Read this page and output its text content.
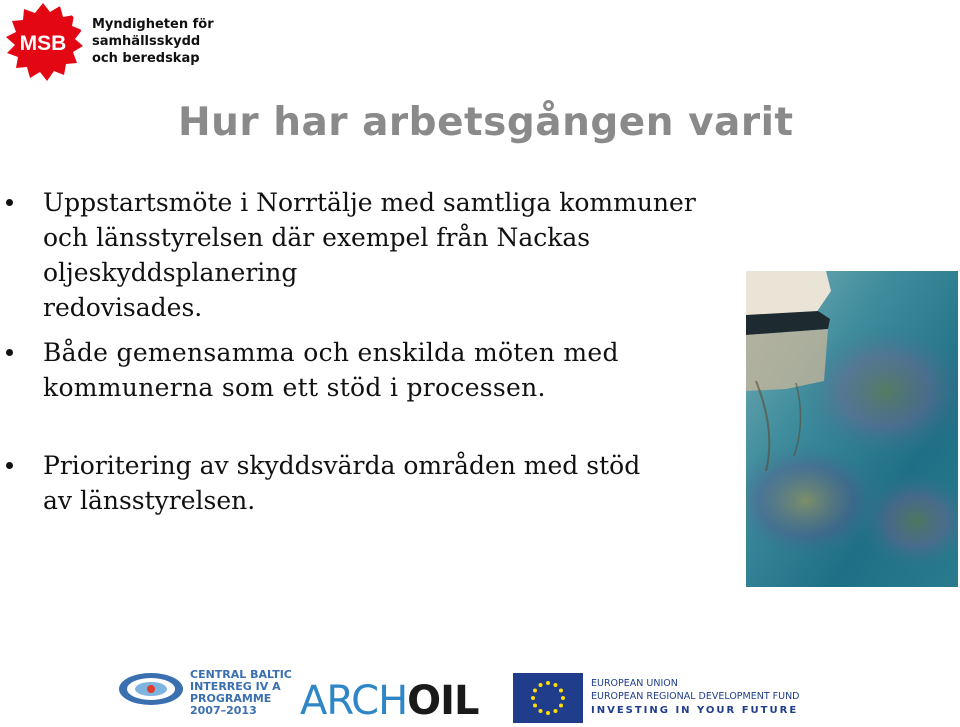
MSB
Myndigheten för
samhällsskydd
och beredskap
Hur har arbetsgången varit
Uppstartsmöte i Norrtälje med samtliga kommuner
och länsstyrelsen där exempel från Nackas oljeskyddsplanering
redovisades.
Både gemensamma och enskilda möten med
kommunerna som ett stöd i processen.
Prioritering av skyddsvärda områden med stöd
av länsstyrelsen.
CENTRAL BALTIC
INTERREG IV A
PROGRAMME
2007–2013	ARCHOIL	EUROPEAN UNION
EUROPEAN REGIONAL DEVELOPMENT FUND
INVESTING IN YOUR FUTURE
